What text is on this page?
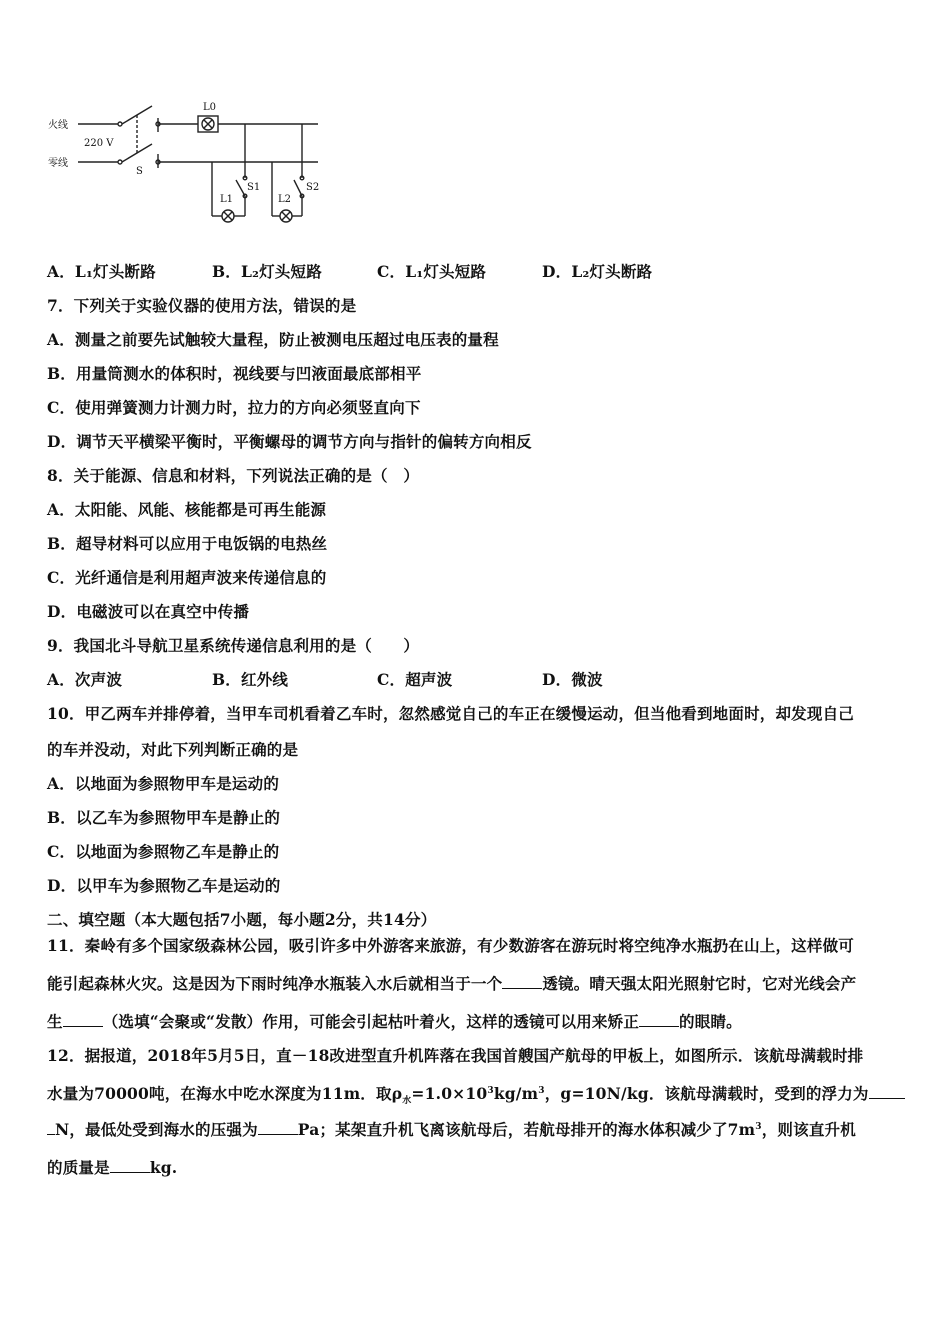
火线
零线
220 V
S
L0
L1
S1
L2
S2
A．L₁灯头断路	B．L₂灯头短路	C．L₁灯头短路	D．L₂灯头断路
7．下列关于实验仪器的使用方法，错误的是
A．测量之前要先试触较大量程，防止被测电压超过电压表的量程
B．用量筒测水的体积时，视线要与凹液面最底部相平
C．使用弹簧测力计测力时，拉力的方向必须竖直向下
D．调节天平横梁平衡时，平衡螺母的调节方向与指针的偏转方向相反
8．关于能源、信息和材料，下列说法正确的是（　）
A．太阳能、风能、核能都是可再生能源
B．超导材料可以应用于电饭锅的电热丝
C．光纤通信是利用超声波来传递信息的
D．电磁波可以在真空中传播
9．我国北斗导航卫星系统传递信息利用的是（　　）
A．次声波	B．红外线	C．超声波	D．微波
10．甲乙两车并排停着，当甲车司机看着乙车时，忽然感觉自己的车正在缓慢运动，但当他看到地面时，却发现自己
的车并没动，对此下列判断正确的是
A．以地面为参照物甲车是运动的
B．以乙车为参照物甲车是静止的
C．以地面为参照物乙车是静止的
D．以甲车为参照物乙车是运动的
二、填空题（本大题包括7小题，每小题2分，共14分）
11．秦岭有多个国家级森林公园，吸引许多中外游客来旅游，有少数游客在游玩时将空纯净水瓶扔在山上，这样做可
能引起森林火灾。这是因为下雨时纯净水瓶装入水后就相当于一个	透镜。晴天强太阳光照射它时，它对光线会产
生	（选填“会聚或“发散）作用，可能会引起枯叶着火，这样的透镜可以用来矫正	的眼睛。
12．据报道，2018年5月5日，直－18改进型直升机阵落在我国首艘国产航母的甲板上，如图所示．该航母满载时排
水量为70000吨，在海水中吃水深度为11m．取$\rho_水=1.0\times 10^3kg/m^3$，g=10N/kg．该航母满载时，受到的浮力为
N，最低处受到海水的压强为	Pa；某架直升机飞离该航母后，若航母排开的海水体积减少了$7m^3$，则该直升机
的质量是	kg.
